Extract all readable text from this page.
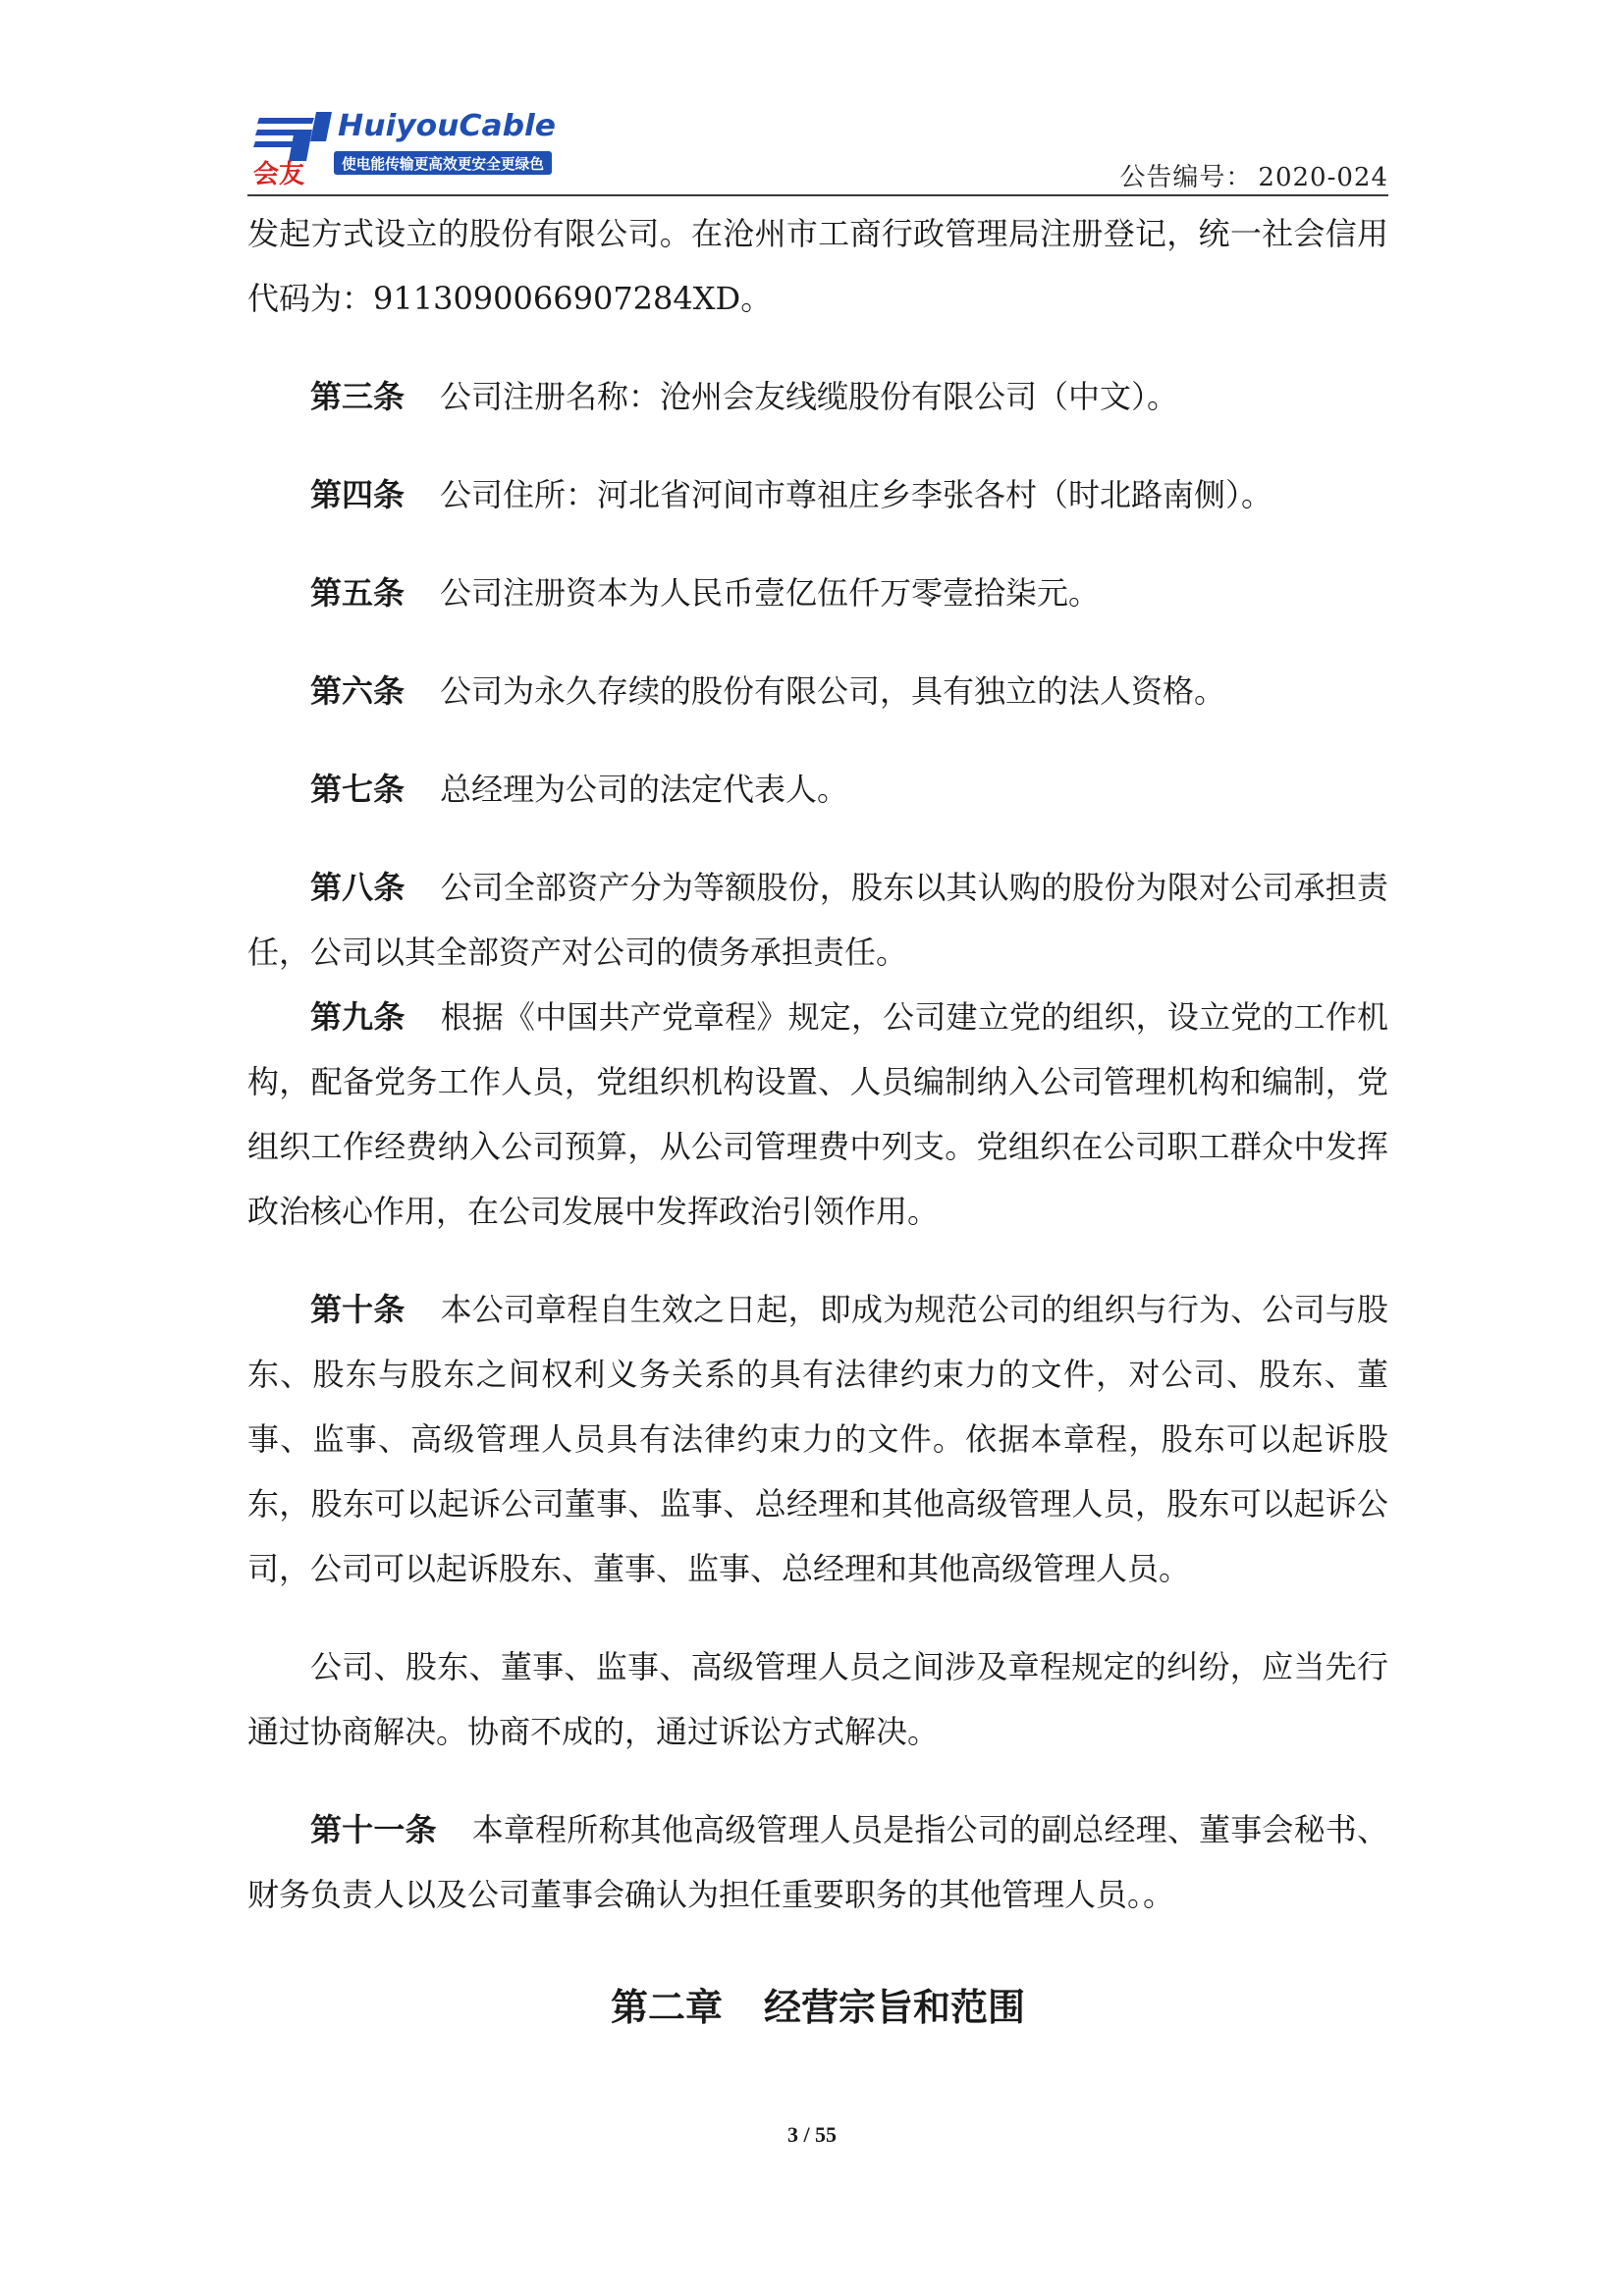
会友
HuiyouCable
使电能传输更高效更安全更绿色	公告编号： 2020-024

发起方式设立的股份有限公司。在沧州市工商行政管理局注册登记，统一社会信用代码为：9113090066907284XD。

第三条 公司注册名称：沧州会友线缆股份有限公司（中文）。

第四条 公司住所：河北省河间市尊祖庄乡李张各村（时北路南侧）。

第五条 公司注册资本为人民币壹亿伍仟万零壹拾柒元。

第六条 公司为永久存续的股份有限公司，具有独立的法人资格。

第七条 总经理为公司的法定代表人。

第八条 公司全部资产分为等额股份，股东以其认购的股份为限对公司承担责任，公司以其全部资产对公司的债务承担责任。

第九条 根据《中国共产党章程》规定，公司建立党的组织，设立党的工作机构，配备党务工作人员，党组织机构设置、人员编制纳入公司管理机构和编制，党组织工作经费纳入公司预算，从公司管理费中列支。党组织在公司职工群众中发挥政治核心作用，在公司发展中发挥政治引领作用。

第十条 本公司章程自生效之日起，即成为规范公司的组织与行为、公司与股东、股东与股东之间权利义务关系的具有法律约束力的文件，对公司、股东、董事、监事、高级管理人员具有法律约束力的文件。依据本章程，股东可以起诉股东，股东可以起诉公司董事、监事、总经理和其他高级管理人员，股东可以起诉公司，公司可以起诉股东、董事、监事、总经理和其他高级管理人员。

公司、股东、董事、监事、高级管理人员之间涉及章程规定的纠纷，应当先行通过协商解决。协商不成的，通过诉讼方式解决。

第十一条 本章程所称其他高级管理人员是指公司的副总经理、董事会秘书、财务负责人以及公司董事会确认为担任重要职务的其他管理人员。。

第二章 经营宗旨和范围
3 / 55
